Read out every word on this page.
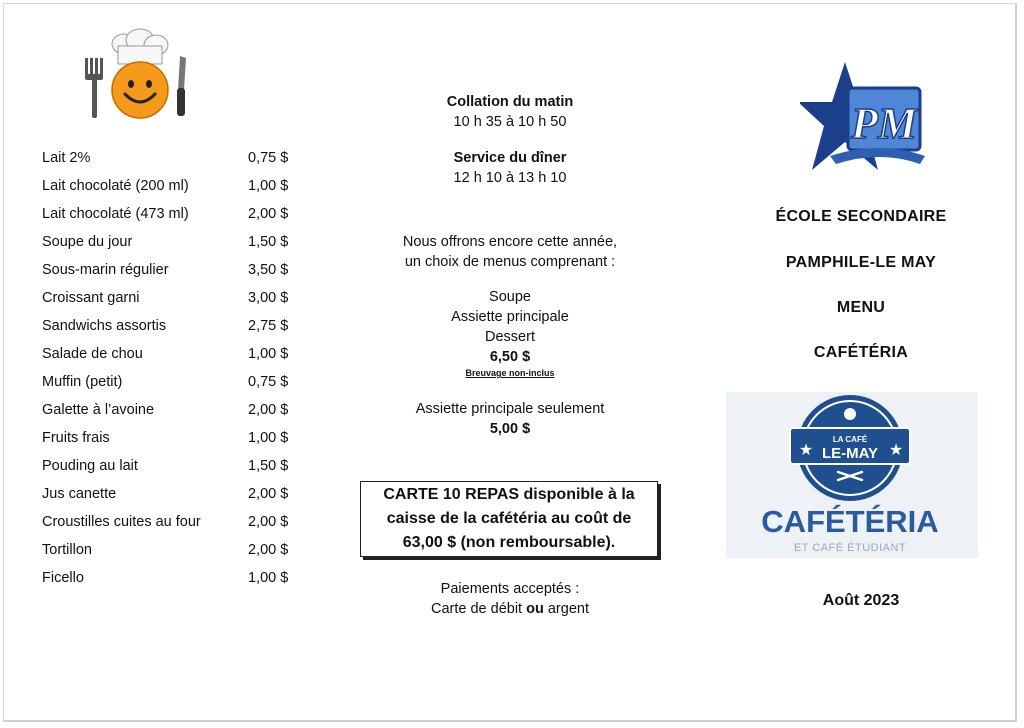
Lait 2%	0,75 $
Lait chocolaté (200 ml)	1,00 $
Lait chocolaté (473 ml)	2,00 $
Soupe du jour	1,50 $
Sous-marin régulier	3,50 $
Croissant garni	3,00 $
Sandwichs assortis	2,75 $
Salade de chou	1,00 $
Muffin (petit)	0,75 $
Galette à l’avoine	2,00 $
Fruits frais	1,00 $
Pouding au lait	1,50 $
Jus canette	2,00 $
Croustilles cuites au four	2,00 $
Tortillon	2,00 $
Ficello	1,00 $
Collation du matin
10 h 35 à 10 h 50
Service du dîner
12 h 10 à 13 h 10
Nous offrons encore cette année,
un choix de menus comprenant :
Soupe
Assiette principale
Dessert
6,50 $
Breuvage non-inclus
Assiette principale seulement
5,00 $
CARTE 10 REPAS disponible à la
caisse de la cafétéria au coût de
63,00 $ (non remboursable).
Paiements acceptés :
Carte de débit ou argent
PM
ÉCOLE SECONDAIRE
PAMPHILE-LE MAY
MENU
CAFÉTÉRIA
★	★
LA CAFÉ
LE-MAY
CAFÉTÉRIA
ET CAFÉ ÉTUDIANT
Août 2023
